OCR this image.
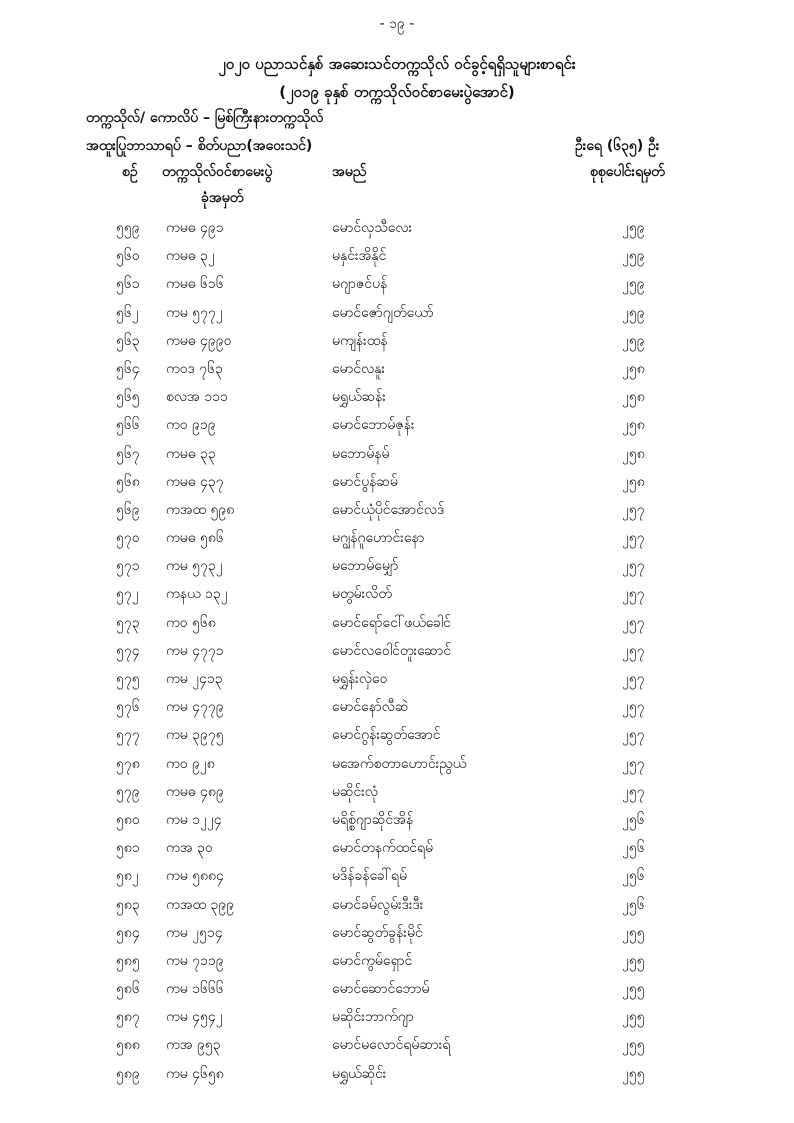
- ၁၉ -
၂၀၂၀ ပညာသင်နှစ် အဆေးသင်တက္ကသိုလ် ဝင်ခွင့်ရရှိသူများစာရင်း
(၂၀၁၉ ခုနှစ် တက္ကသိုလ်ဝင်စာမေးပွဲအောင်)
တက္ကသိုလ်/ ကောလိပ် – မြစ်ကြီးနားတက္ကသိုလ်
အထူးပြုဘာသာရပ် – စိတ်ပညာ(အဝေးသင်)	ဦးရေ (၆၃၅) ဦး
စဉ် တက္ကသိုလ်ဝင်စာမေးပွဲ
ခုံအမှတ်
အမည်	စုစုပေါင်းရမှတ်
၅၅၉ ကမဓ ၄၉၁	မောင်လှသီလေး	၂၅၉
၅၆၀ ကမဓ ၃၂	မနှင်းအိနိုင်	၂၅၉
၅၆၁ ကမဓ ၆၁၆	မဂျာဇင်ပန်	၂၅၉
၅၆၂ ကမ ၅၇၇၂	မောင်ဇော်ဂျတ်ယော်	၂၅၉
၅၆၃ ကမဓ ၄၉၉၀	မကျန်းထန်	၂၅၉
၅၆၄ ကဝဒ ၇၆၃	မောင်လနူး	၂၅၈
၅၆၅ စလအ ၁၁၁	မရွှယ်ဆန်း	၂၅၈
၅၆၆ ကဝ ၉၁၉	မောင်ဘောမ်ဇုန်း	၂၅၈
၅၆၇ ကမဓ ၃၃	မဘောမ်နမ်	၂၅၈
၅၆၈ ကမဓ ၄၃၇	မောင်ပွန်ဆမ်	၂၅၈
၅၆၉ ကအထ ၅၉၈	မောင်ယုံပိုင်အောင်လဒ်	၂၅၇
၅၇၀ ကမဓ ၅၈၆	မဂျွန်ဂူဟောင်းနော	၂၅၇
၅၇၁ ကမ ၅၇၃၂	မဘောမ်မျှော်	၂၅၇
၅၇၂ ကနယ ၁၃၂	မတွမ်းလိတ်	၂၅၇
၅၇၃ ကဝ ၅၆၈	မောင်ရော်ငေါ်ဖယ်ခေါင်	၂၅၇
၅၇၄ ကမ ၄၇၇၁	မောင်လဝေါင်တူးဆောင်	၂၅၇
၅၇၅ ကမ ၂၄၁၃	မရွှန်းလှဲဝေ	၂၅၇
၅၇၆ ကမ ၄၇၇၉	မောင်နော်လီဆဲ	၂၅၇
၅၇၇ ကမ ၃၉၇၅	မောင်ဂွန်းဆွတ်အောင်	၂၅၇
၅၇၈ ကဝ ၉၂၈	မအေက်စတာဟောင်းညွယ်	၂၅၇
၅၇၉ ကမဓ ၄၈၉	မဆိုင်းလုံ	၂၅၇
၅၈၀ ကမ ၁၂၂၄	မရိစ္စ်ဂျာဆိုင်အိန်	၂၅၆
၅၈၁ ကအ ၃၀	မောင်တနက်ထင်ရမ်	၂၅၆
၅၈၂ ကမ ၅၈၈၄	မဒိန်ခန်ခေါ်ရမ်	၂၅၆
၅၈၃ ကအထ ၃၉၉	မောင်ခမ်လွမ်းဒီးဒီး	၂၅၆
၅၈၄ ကမ ၂၅၁၄	မောင်ဆွတ်ခွန်းမိုင်	၂၅၅
၅၈၅ ကမ ၇၁၁၉	မောင်ကွမ်ရှောင်	၂၅၅
၅၈၆ ကမ ၁၆၆၆	မောင်ဆောင်ဘောမ်	၂၅၅
၅၈၇ ကမ ၄၅၄၂	မဆိုင်းဘာက်ဂျာ	၂၅၅
၅၈၈ ကအ ၉၅၃	မောင်မလောင်ရမ်ဆားရ်	၂၅၅
၅၈၉ ကမ ၄၆၅၈	မရွှယ်ဆိုင်း	၂၅၅
